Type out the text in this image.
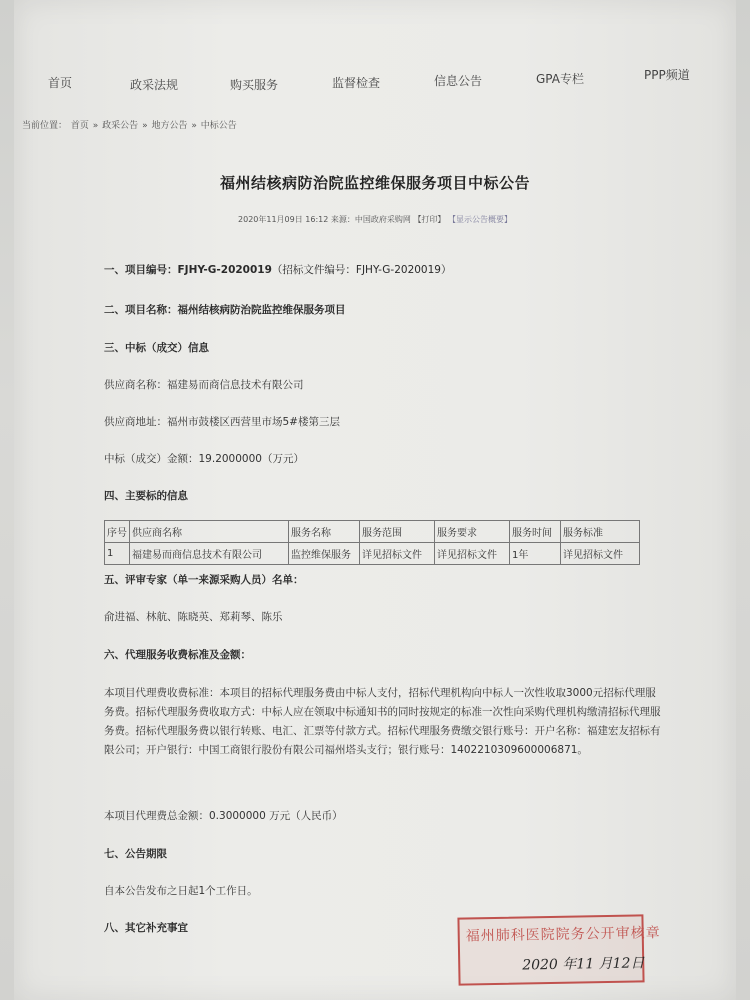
首页	政采法规	购买服务	监督检查	信息公告	GPA专栏	PPP频道
当前位置： 首页 » 政采公告 » 地方公告 » 中标公告
福州结核病防治院监控维保服务项目中标公告
2020年11月09日 16:12 来源：中国政府采购网 【打印】 【显示公告概要】
一、项目编号：FJHY-G-2020019（招标文件编号：FJHY-G-2020019）
二、项目名称：福州结核病防治院监控维保服务项目
三、中标（成交）信息
供应商名称：福建易而商信息技术有限公司
供应商地址：福州市鼓楼区西营里市场5#楼第三层
中标（成交）金额：19.2000000（万元）
四、主要标的信息
序号	供应商名称	服务名称	服务范围	服务要求	服务时间	服务标准
1	福建易而商信息技术有限公司	监控维保服务	详见招标文件	详见招标文件	1年	详见招标文件
五、评审专家（单一来源采购人员）名单：
俞进福、林航、陈晓英、郑莉琴、陈乐
六、代理服务收费标准及金额：
本项目代理费收费标准：本项目的招标代理服务费由中标人支付，招标代理机构向中标人一次性收取3000元招标代理服务费。招标代理服务费收取方式：中标人应在领取中标通知书的同时按规定的标准一次性向采购代理机构缴清招标代理服务费。招标代理服务费以银行转账、电汇、汇票等付款方式。招标代理服务费缴交银行账号：开户名称：福建宏友招标有限公司；开户银行：中国工商银行股份有限公司福州塔头支行；银行账号：1402210309600006871。
本项目代理费总金额：0.3000000 万元（人民币）
七、公告期限
自本公告发布之日起1个工作日。
八、其它补充事宜	福州肺科医院院务公开审核章
2020 年11 月12日
